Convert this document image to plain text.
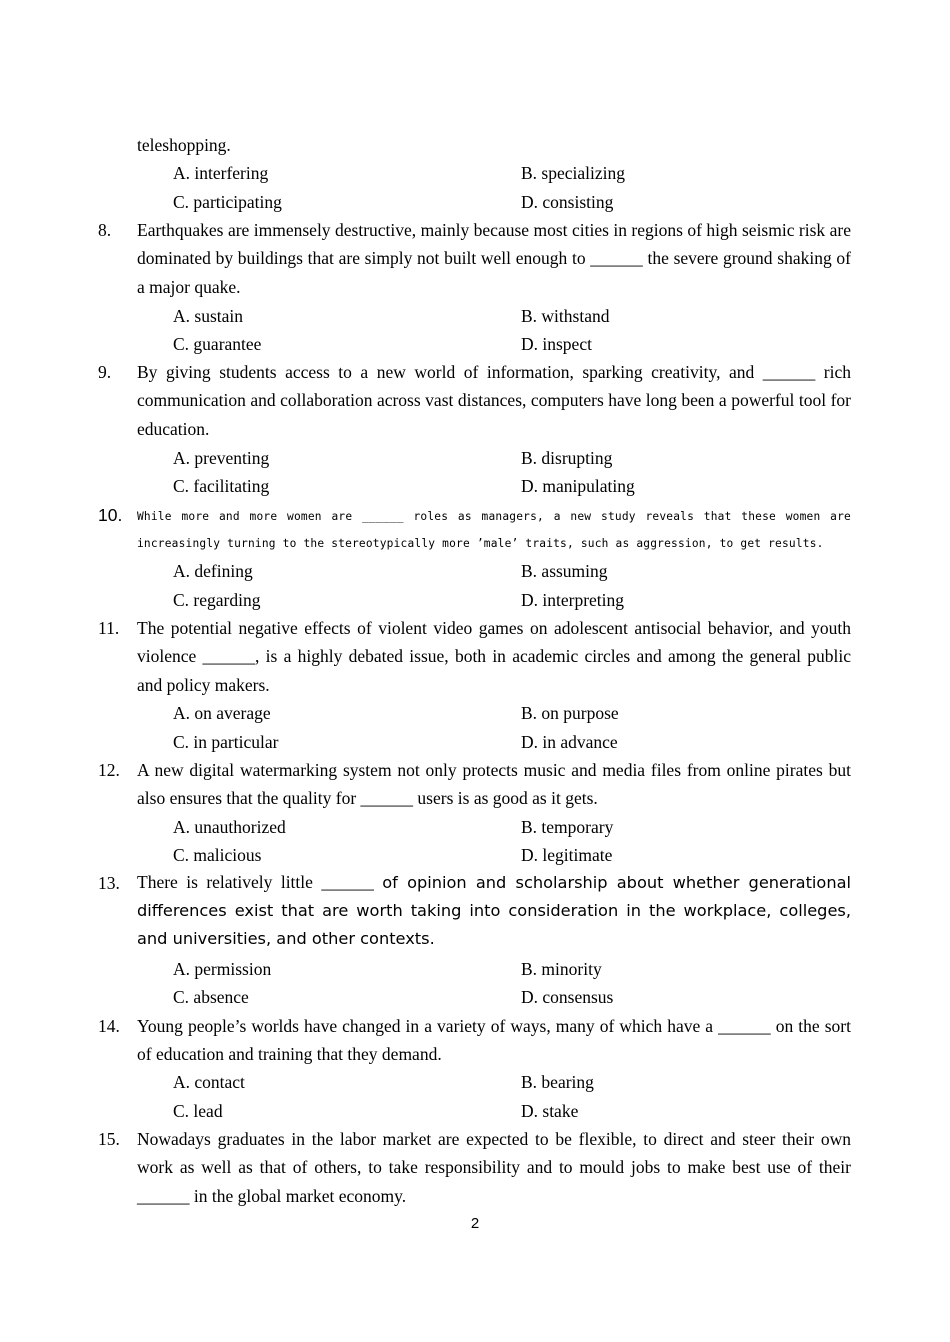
teleshopping.
A. interfering	B. specializing
C. participating	D. consisting
8. Earthquakes are immensely destructive, mainly because most cities in regions of high seismic risk are dominated by buildings that are simply not built well enough to ______ the severe ground shaking of a major quake.
A. sustain	B. withstand
C. guarantee	D. inspect
9. By giving students access to a new world of information, sparking creativity, and ______ rich communication and collaboration across vast distances, computers have long been a powerful tool for education.
A. preventing	B. disrupting
C. facilitating	D. manipulating
10. While more and more women are ______ roles as managers, a new study reveals that these women are increasingly turning to the stereotypically more ’male’ traits, such as aggression, to get results.
A. defining	B. assuming
C. regarding	D. interpreting
11. The potential negative effects of violent video games on adolescent antisocial behavior, and youth violence ______, is a highly debated issue, both in academic circles and among the general public and policy makers.
A. on average	B. on purpose
C. in particular	D. in advance
12. A new digital watermarking system not only protects music and media files from online pirates but also ensures that the quality for ______ users is as good as it gets.
A. unauthorized	B. temporary
C. malicious	D. legitimate
13. There is relatively little ______ of opinion and scholarship about whether generational differences exist that are worth taking into consideration in the workplace, colleges, and universities, and other contexts.
A. permission	B. minority
C. absence	D. consensus
14. Young people’s worlds have changed in a variety of ways, many of which have a ______ on the sort of education and training that they demand.
A. contact	B. bearing
C. lead	D. stake
15. Nowadays graduates in the labor market are expected to be flexible, to direct and steer their own work as well as that of others, to take responsibility and to mould jobs to make best use of their ______ in the global market economy.
2
